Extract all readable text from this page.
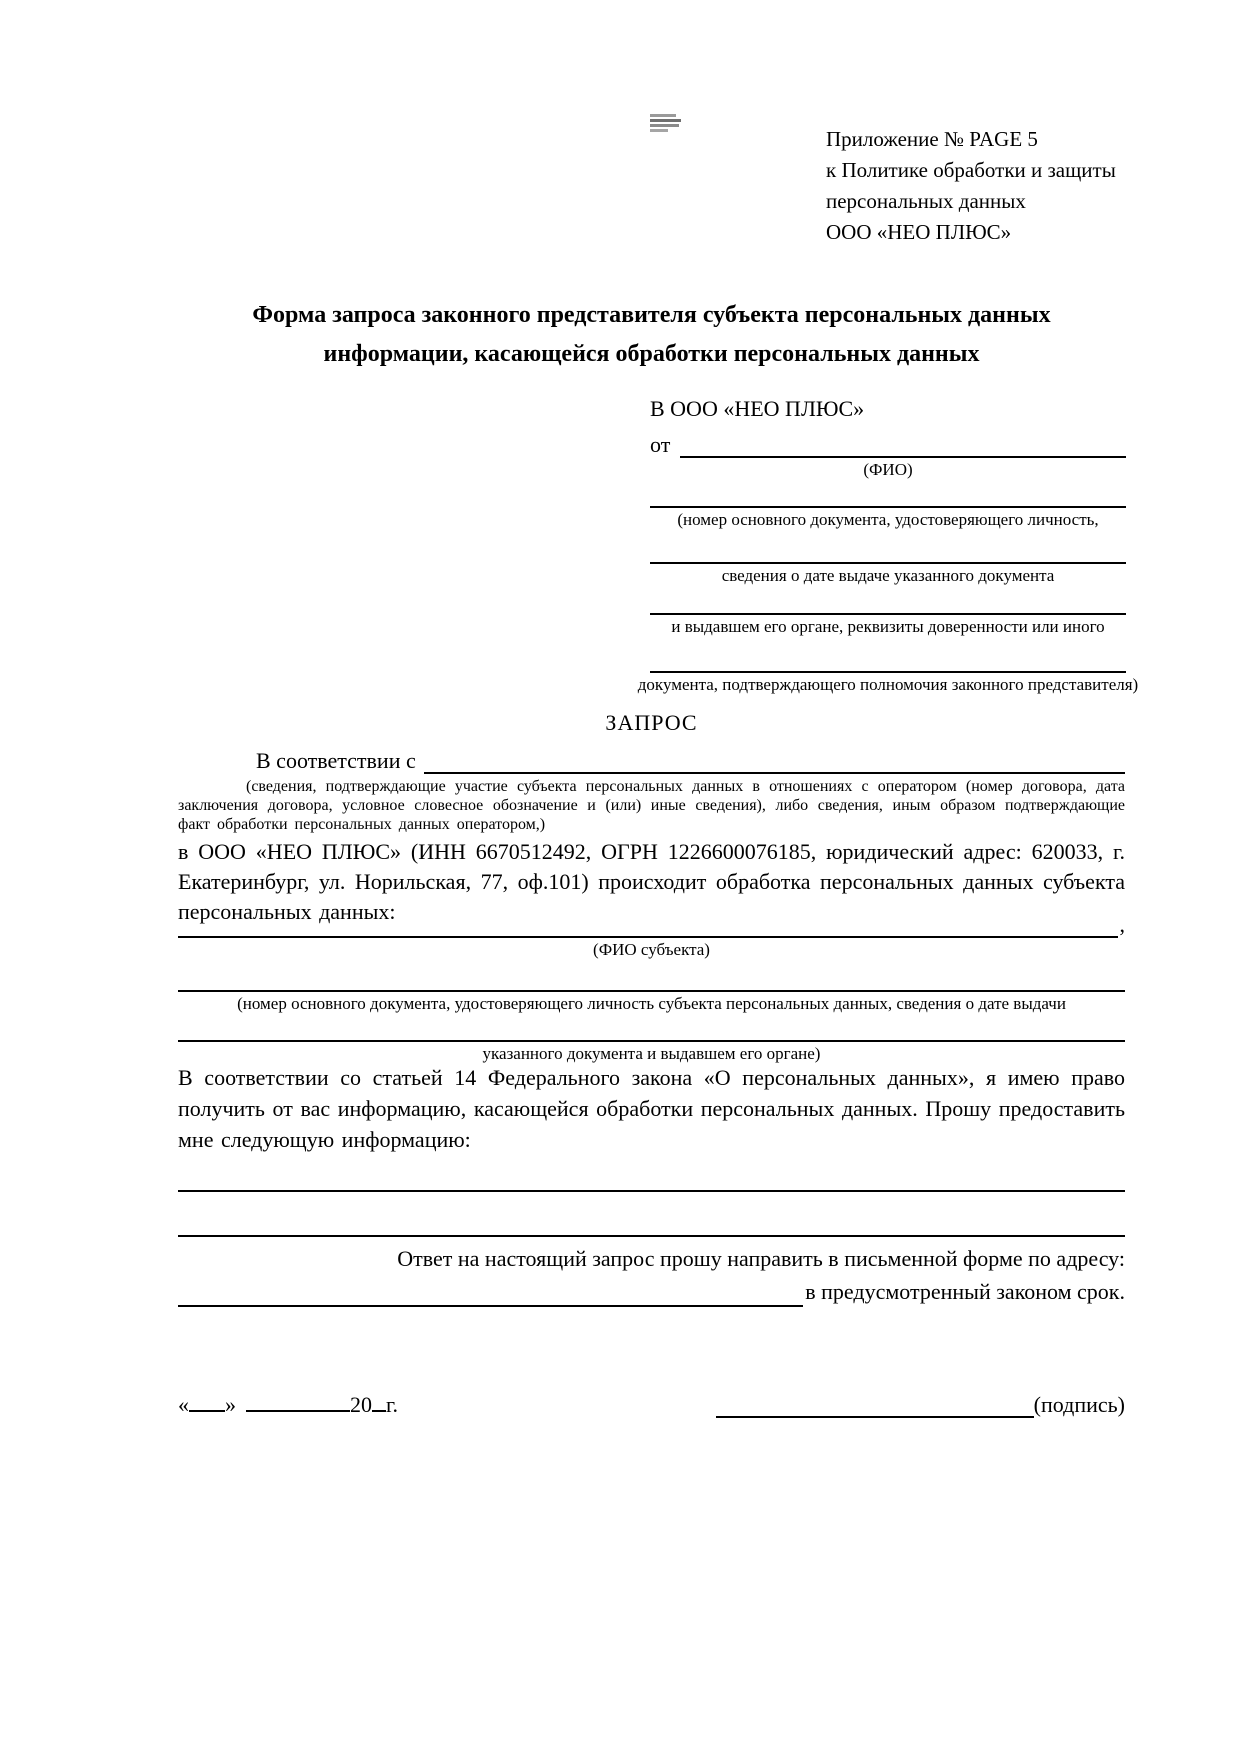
Приложение № PAGE 5
к Политике обработки и защиты
персональных данных
ООО «НЕО ПЛЮС»
Форма запроса законного представителя субъекта персональных данных
информации, касающейся обработки персональных данных
В ООО «НЕО ПЛЮС»
от
(ФИО)
(номер основного документа, удостоверяющего личность,
сведения о дате выдаче указанного документа
и выдавшем его органе, реквизиты доверенности или иного
документа, подтверждающего полномочия законного представителя)
ЗАПРОС
В соответствии с
(сведения, подтверждающие участие субъекта персональных данных в отношениях с оператором (номер договора, дата заключения договора, условное словесное обозначение и (или) иные сведения), либо сведения, иным образом подтверждающие факт обработки персональных данных оператором,)
в ООО «НЕО ПЛЮС» (ИНН 6670512492, ОГРН 1226600076185, юридический адрес: 620033, г. Екатеринбург, ул. Норильская, 77, оф.101) происходит обработка персональных данных субъекта персональных данных:
,
(ФИО субъекта)
(номер основного документа, удостоверяющего личность субъекта персональных данных, сведения о дате выдачи
указанного документа и выдавшем его органе)
В соответствии со статьей 14 Федерального закона «О персональных данных», я имею право получить от вас информацию, касающейся обработки персональных данных. Прошу предоставить мне следующую информацию:
Ответ на настоящий запрос прошу направить в письменной форме по адресу:
в предусмотренный законом срок.
« »	20 г.	(подпись)
